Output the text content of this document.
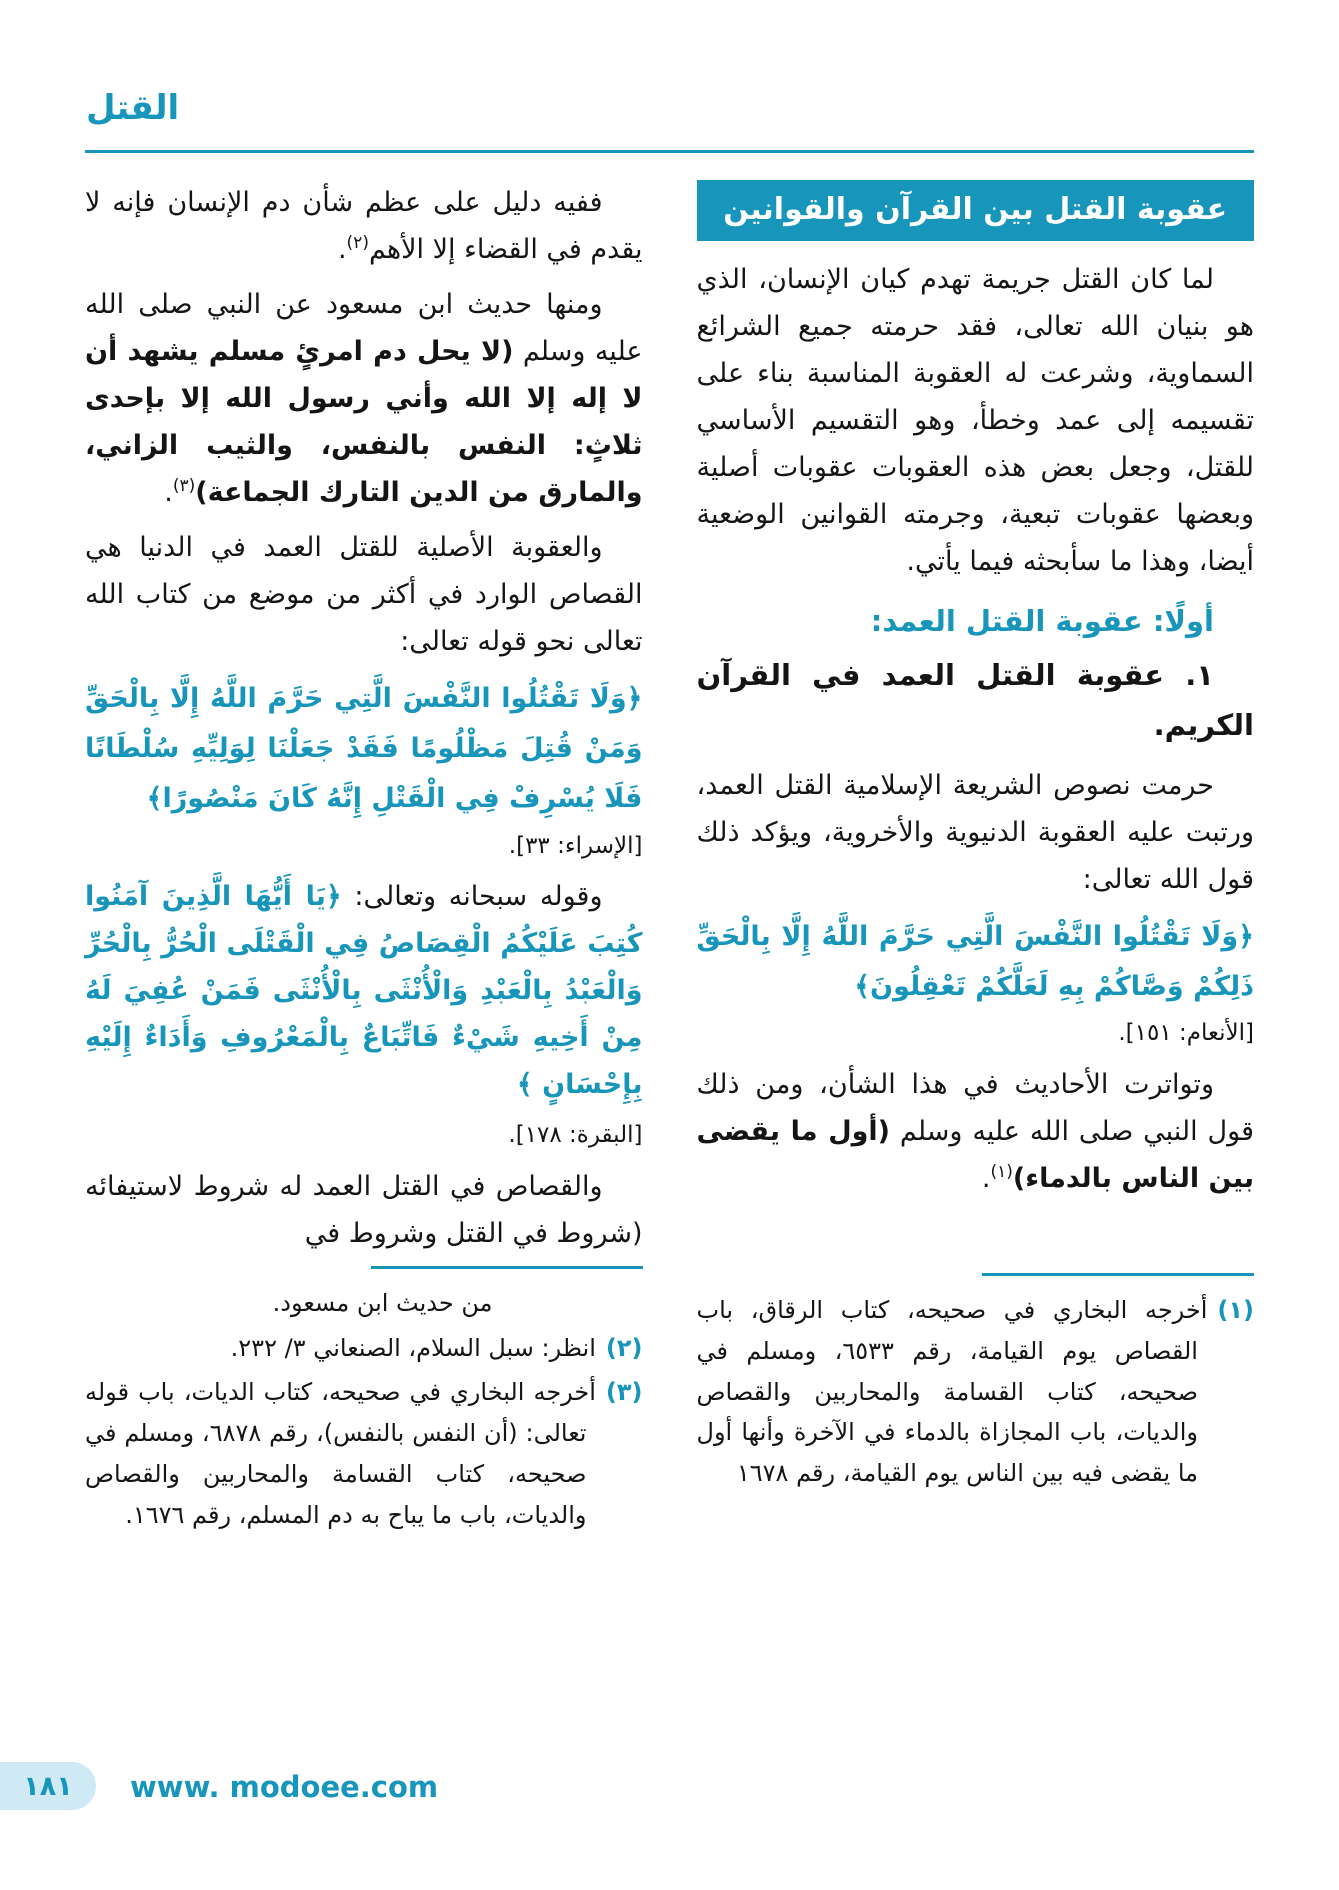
القتل
عقوبة القتل بين القرآن والقوانين

لما كان القتل جريمة تهدم كيان الإنسان، الذي هو بنيان الله تعالى، فقد حرمته جميع الشرائع السماوية، وشرعت له العقوبة المناسبة بناء على تقسيمه إلى عمد وخطأ، وهو التقسيم الأساسي للقتل، وجعل بعض هذه العقوبات عقوبات أصلية وبعضها عقوبات تبعية، وجرمته القوانين الوضعية أيضا، وهذا ما سأبحثه فيما يأتي.

أولًا: عقوبة القتل العمد:

١. عقوبة القتل العمد في القرآن الكريم.

حرمت نصوص الشريعة الإسلامية القتل العمد، ورتبت عليه العقوبة الدنيوية والأخروية، ويؤكد ذلك قول الله تعالى:

﴿وَلَا تَقْتُلُوا النَّفْسَ الَّتِي حَرَّمَ اللَّهُ إِلَّا بِالْحَقِّ ذَلِكُمْ وَصَّاكُمْ بِهِ لَعَلَّكُمْ تَعْقِلُونَ﴾

[الأنعام: ١٥١].

وتواترت الأحاديث في هذا الشأن، ومن ذلك قول النبي صلى الله عليه وسلم (أول ما يقضى بين الناس بالدماء)$^{(١)}$.

(١)أخرجه البخاري في صحيحه، كتاب الرقاق، باب القصاص يوم القيامة، رقم ٦٥٣٣، ومسلم في صحيحه، كتاب القسامة والمحاربين والقصاص والديات، باب المجازاة بالدماء في الآخرة وأنها أول ما يقضى فيه بين الناس يوم القيامة، رقم ١٦٧٨

ففيه دليل على عظم شأن دم الإنسان فإنه لا يقدم في القضاء إلا الأهم$^{(٢)}$.

ومنها حديث ابن مسعود عن النبي صلى الله عليه وسلم (لا يحل دم امرئٍ مسلم يشهد أن لا إله إلا الله وأني رسول الله إلا بإحدى ثلاثٍ: النفس بالنفس، والثيب الزاني، والمارق من الدين التارك الجماعة)$^{(٣)}$.

والعقوبة الأصلية للقتل العمد في الدنيا هي القصاص الوارد في أكثر من موضع من كتاب الله تعالى نحو قوله تعالى:

﴿وَلَا تَقْتُلُوا النَّفْسَ الَّتِي حَرَّمَ اللَّهُ إِلَّا بِالْحَقِّ وَمَنْ قُتِلَ مَظْلُومًا فَقَدْ جَعَلْنَا لِوَلِيِّهِ سُلْطَانًا فَلَا يُسْرِفْ فِي الْقَتْلِ إِنَّهُ كَانَ مَنْصُورًا﴾

[الإسراء: ٣٣].

وقوله سبحانه وتعالى: ﴿يَا أَيُّهَا الَّذِينَ آمَنُوا كُتِبَ عَلَيْكُمُ الْقِصَاصُ فِي الْقَتْلَى الْحُرُّ بِالْحُرِّ وَالْعَبْدُ بِالْعَبْدِ وَالْأُنْثَى بِالْأُنْثَى فَمَنْ عُفِيَ لَهُ مِنْ أَخِيهِ شَيْءٌ فَاتِّبَاعٌ بِالْمَعْرُوفِ وَأَدَاءٌ إِلَيْهِ بِإِحْسَانٍ ﴾

[البقرة: ١٧٨].

والقصاص في القتل العمد له شروط لاستيفائه (شروط في القتل وشروط في

من حديث ابن مسعود.

(٢)انظر: سبل السلام، الصنعاني ٣/ ٢٣٢.

(٣)أخرجه البخاري في صحيحه، كتاب الديات، باب قوله تعالى: (أن النفس بالنفس)، رقم ٦٨٧٨، ومسلم في صحيحه، كتاب القسامة والمحاربين والقصاص والديات، باب ما يباح به دم المسلم، رقم ١٦٧٦.

١٨١ www. modoee.com
